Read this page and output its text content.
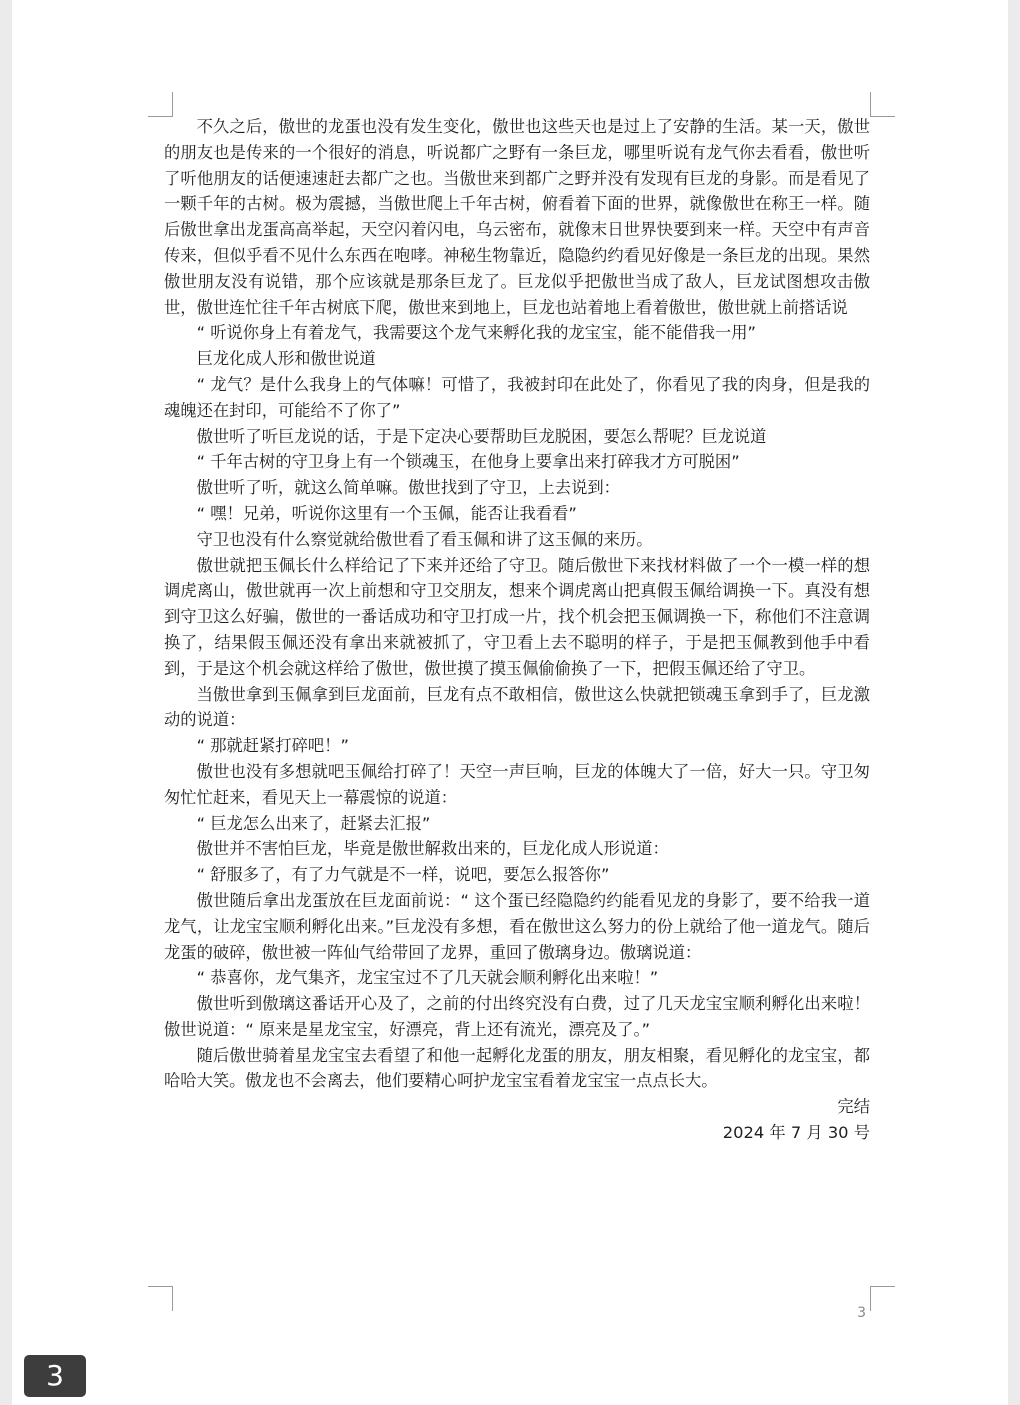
不久之后，傲世的龙蛋也没有发生变化，傲世也这些天也是过上了安静的生活。某一天，傲世的朋友也是传来的一个很好的消息，听说都广之野有一条巨龙，哪里听说有龙气你去看看，傲世听了听他朋友的话便速速赶去都广之也。当傲世来到都广之野并没有发现有巨龙的身影。而是看见了一颗千年的古树。极为震撼，当傲世爬上千年古树，俯看着下面的世界，就像傲世在称王一样。随后傲世拿出龙蛋高高举起，天空闪着闪电，乌云密布，就像末日世界快要到来一样。天空中有声音传来，但似乎看不见什么东西在咆哮。神秘生物靠近，隐隐约约看见好像是一条巨龙的出现。果然傲世朋友没有说错，那个应该就是那条巨龙了。巨龙似乎把傲世当成了敌人，巨龙试图想攻击傲世，傲世连忙往千年古树底下爬，傲世来到地上，巨龙也站着地上看着傲世，傲世就上前搭话说

“ 听说你身上有着龙气，我需要这个龙气来孵化我的龙宝宝，能不能借我一用”

巨龙化成人形和傲世说道

“ 龙气？是什么我身上的气体嘛！可惜了，我被封印在此处了，你看见了我的肉身，但是我的魂魄还在封印，可能给不了你了”

傲世听了听巨龙说的话，于是下定决心要帮助巨龙脱困，要怎么帮呢？巨龙说道

“ 千年古树的守卫身上有一个锁魂玉，在他身上要拿出来打碎我才方可脱困”

傲世听了听，就这么简单嘛。傲世找到了守卫，上去说到：

“ 嘿！兄弟，听说你这里有一个玉佩，能否让我看看”

守卫也没有什么察觉就给傲世看了看玉佩和讲了这玉佩的来历。

傲世就把玉佩长什么样给记了下来并还给了守卫。随后傲世下来找材料做了一个一模一样的想调虎离山，傲世就再一次上前想和守卫交朋友，想来个调虎离山把真假玉佩给调换一下。真没有想到守卫这么好骗，傲世的一番话成功和守卫打成一片，找个机会把玉佩调换一下，称他们不注意调换了，结果假玉佩还没有拿出来就被抓了，守卫看上去不聪明的样子，于是把玉佩教到他手中看到，于是这个机会就这样给了傲世，傲世摸了摸玉佩偷偷换了一下，把假玉佩还给了守卫。

当傲世拿到玉佩拿到巨龙面前，巨龙有点不敢相信，傲世这么快就把锁魂玉拿到手了，巨龙激动的说道：

“ 那就赶紧打碎吧！”

傲世也没有多想就吧玉佩给打碎了！天空一声巨响，巨龙的体魄大了一倍，好大一只。守卫匆匆忙忙赶来，看见天上一幕震惊的说道：

“ 巨龙怎么出来了，赶紧去汇报”

傲世并不害怕巨龙，毕竟是傲世解救出来的，巨龙化成人形说道：

“ 舒服多了，有了力气就是不一样，说吧，要怎么报答你”

傲世随后拿出龙蛋放在巨龙面前说：“ 这个蛋已经隐隐约约能看见龙的身影了，要不给我一道龙气，让龙宝宝顺利孵化出来。”巨龙没有多想，看在傲世这么努力的份上就给了他一道龙气。随后龙蛋的破碎，傲世被一阵仙气给带回了龙界，重回了傲璃身边。傲璃说道：

“ 恭喜你，龙气集齐，龙宝宝过不了几天就会顺利孵化出来啦！”

傲世听到傲璃这番话开心及了，之前的付出终究没有白费，过了几天龙宝宝顺利孵化出来啦！傲世说道：“ 原来是星龙宝宝，好漂亮，背上还有流光，漂亮及了。”

随后傲世骑着星龙宝宝去看望了和他一起孵化龙蛋的朋友，朋友相聚，看见孵化的龙宝宝，都哈哈大笑。傲龙也不会离去，他们要精心呵护龙宝宝看着龙宝宝一点点长大。

完结

2024 年 7 月 30 号

3
3
